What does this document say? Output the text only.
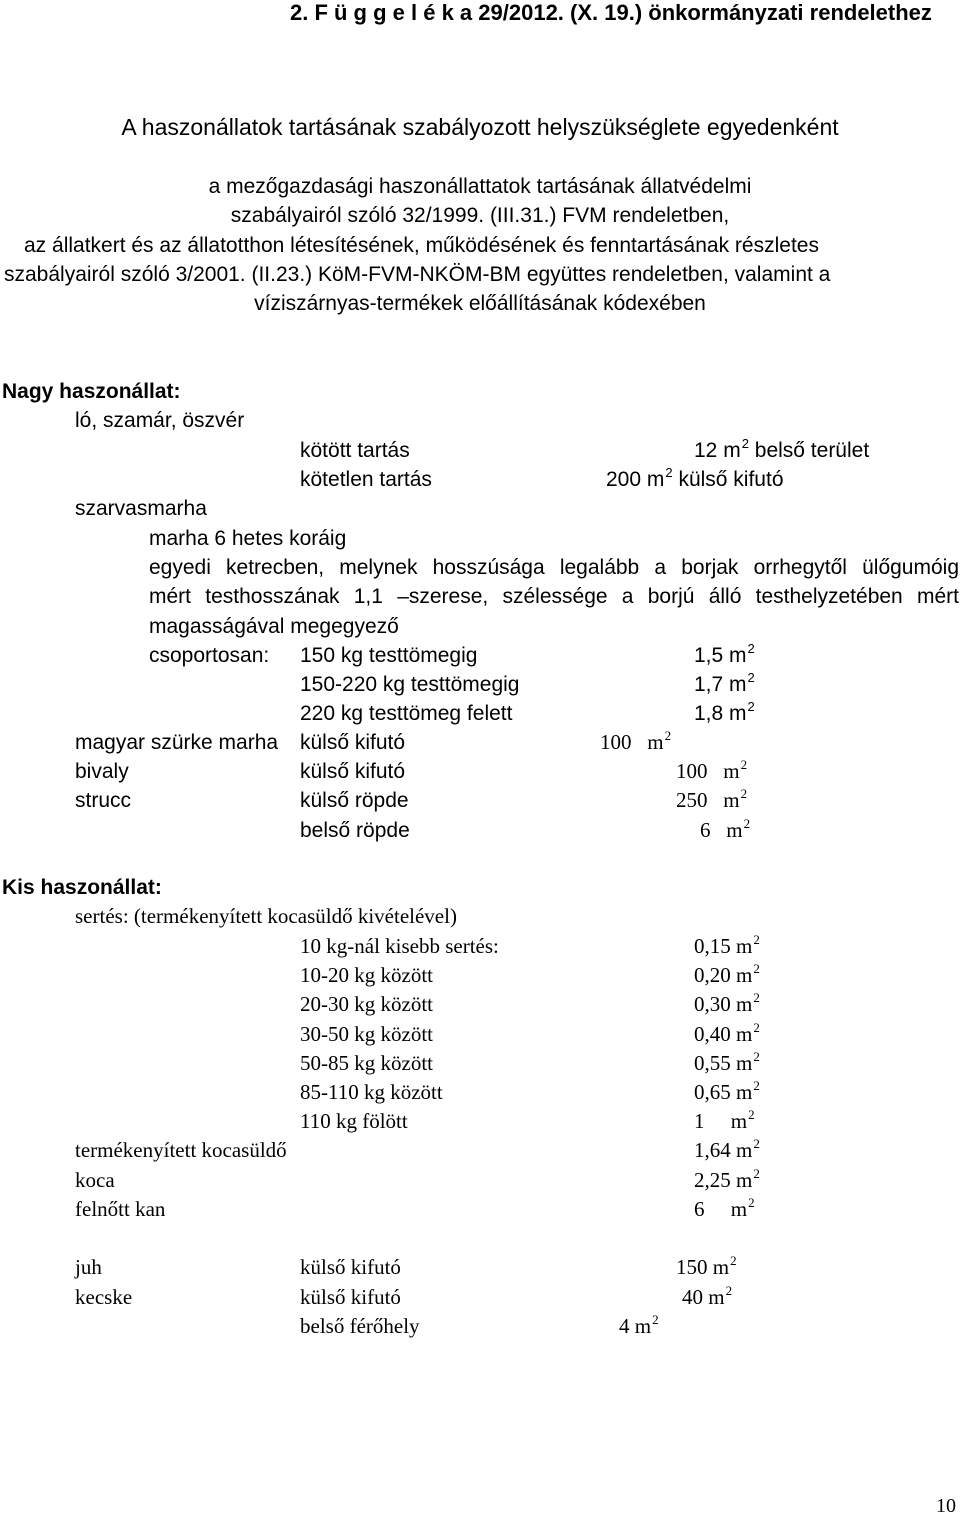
2. F ü g g e l é k a 29/2012. (X. 19.) önkormányzati rendelethez
A haszonállatok tartásának szabályozott helyszükséglete egyedenként
a mezőgazdasági haszonállattatok tartásának állatvédelmi
szabályairól szóló 32/1999. (III.31.) FVM rendeletben,
az állatkert és az állatotthon létesítésének, működésének és fenntartásának részletes
szabályairól szóló 3/2001. (II.23.) KöM-FVM-NKÖM-BM együttes rendeletben, valamint a
víziszárnyas-termékek előállításának kódexében
Nagy haszonállat:
ló, szamár, öszvér
kötött tartás	12 $m^2$ belső terület
kötetlen tartás	200 $m^2$ külső kifutó
szarvasmarha
marha 6 hetes koráig
egyedi ketrecben, melynek hosszúsága legalább a borjak orrhegytől ülőgumóig
mért testhosszának 1,1 –szerese, szélessége a borjú álló testhelyzetében mért
magasságával megegyező
csoportosan: 150 kg testtömegig	1,5 $m^2$
150-220 kg testtömegig	1,7 $m^2$
220 kg testtömeg felett	1,8 $m^2$
magyar szürke marha külső kifutó	100 $m^2$
bivaly	külső kifutó	100 $m^2$
strucc	külső röpde	250 $m^2$
belső röpde	6 $m^2$
Kis haszonállat:
sertés: (termékenyített kocasüldő kivételével)
10 kg-nál kisebb sertés:	0,15 $m^2$
10-20 kg között	0,20 $m^2$
20-30 kg között	0,30 $m^2$
30-50 kg között	0,40 $m^2$
50-85 kg között	0,55 $m^2$
85-110 kg között	0,65 $m^2$
110 kg fölött	1     $m^2$
termékenyített kocasüldő	1,64 $m^2$
koca	2,25 $m^2$
felnőtt kan	6     $m^2$
juh	külső kifutó	150 $m^2$
kecske	külső kifutó	40 $m^2$
belső férőhely	4 $m^2$
10
